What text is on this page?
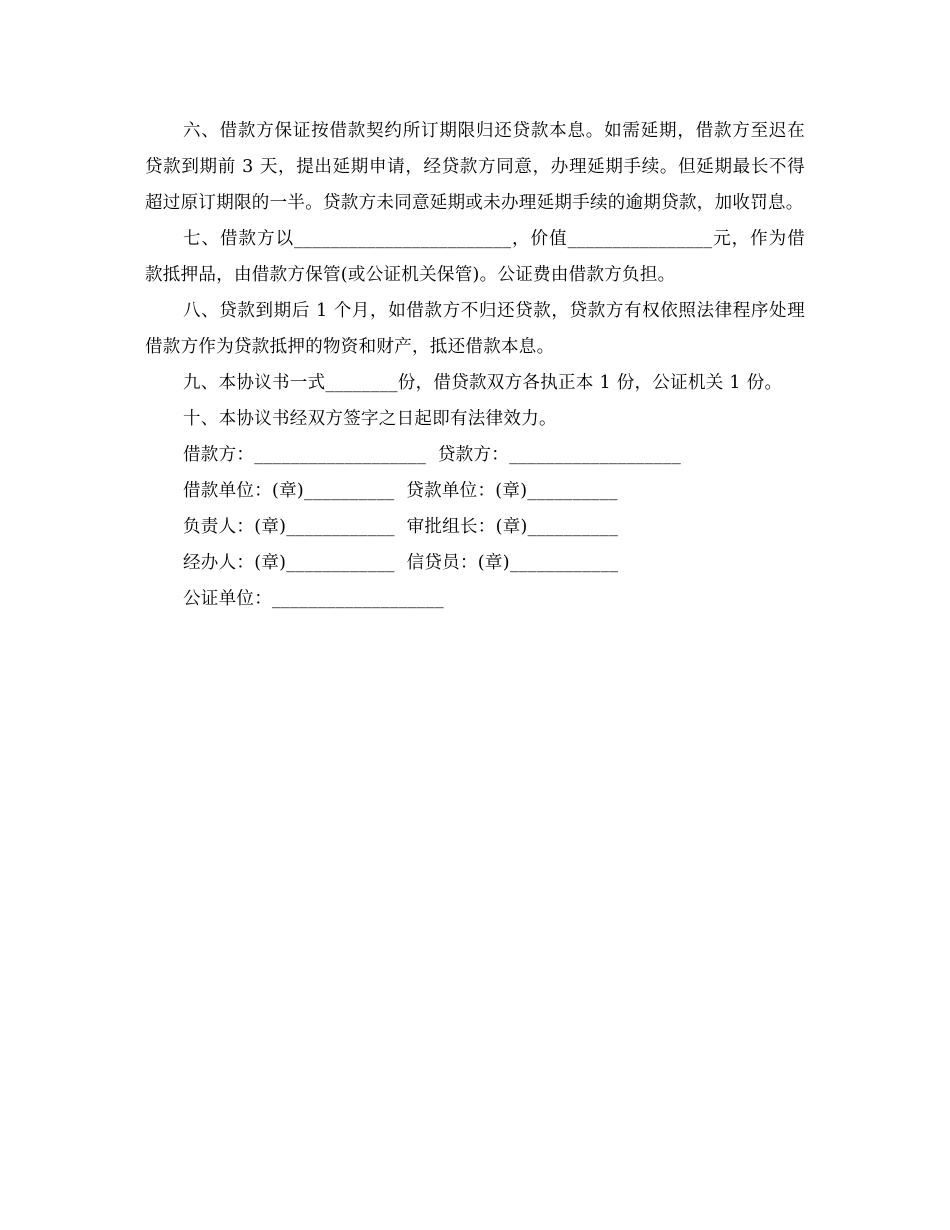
六、借款方保证按借款契约所订期限归还贷款本息。如需延期，借款方至迟在贷款到期前 3 天，提出延期申请，经贷款方同意，办理延期手续。但延期最长不得超过原订期限的一半。贷款方未同意延期或未办理延期手续的逾期贷款，加收罚息。

七、借款方以________________________，价值________________元，作为借款抵押品，由借款方保管(或公证机关保管)。公证费由借款方负担。

八、贷款到期后 1 个月，如借款方不归还贷款，贷款方有权依照法律程序处理借款方作为贷款抵押的物资和财产，抵还借款本息。

九、本协议书一式________份，借贷款双方各执正本 1 份，公证机关 1 份。

十、本协议书经双方签字之日起即有法律效力。

借款方：___________________  贷款方：___________________

借款单位：(章)__________  贷款单位：(章)__________

负责人：(章)____________  审批组长：(章)__________

经办人：(章)____________  信贷员：(章)____________

公证单位：___________________
